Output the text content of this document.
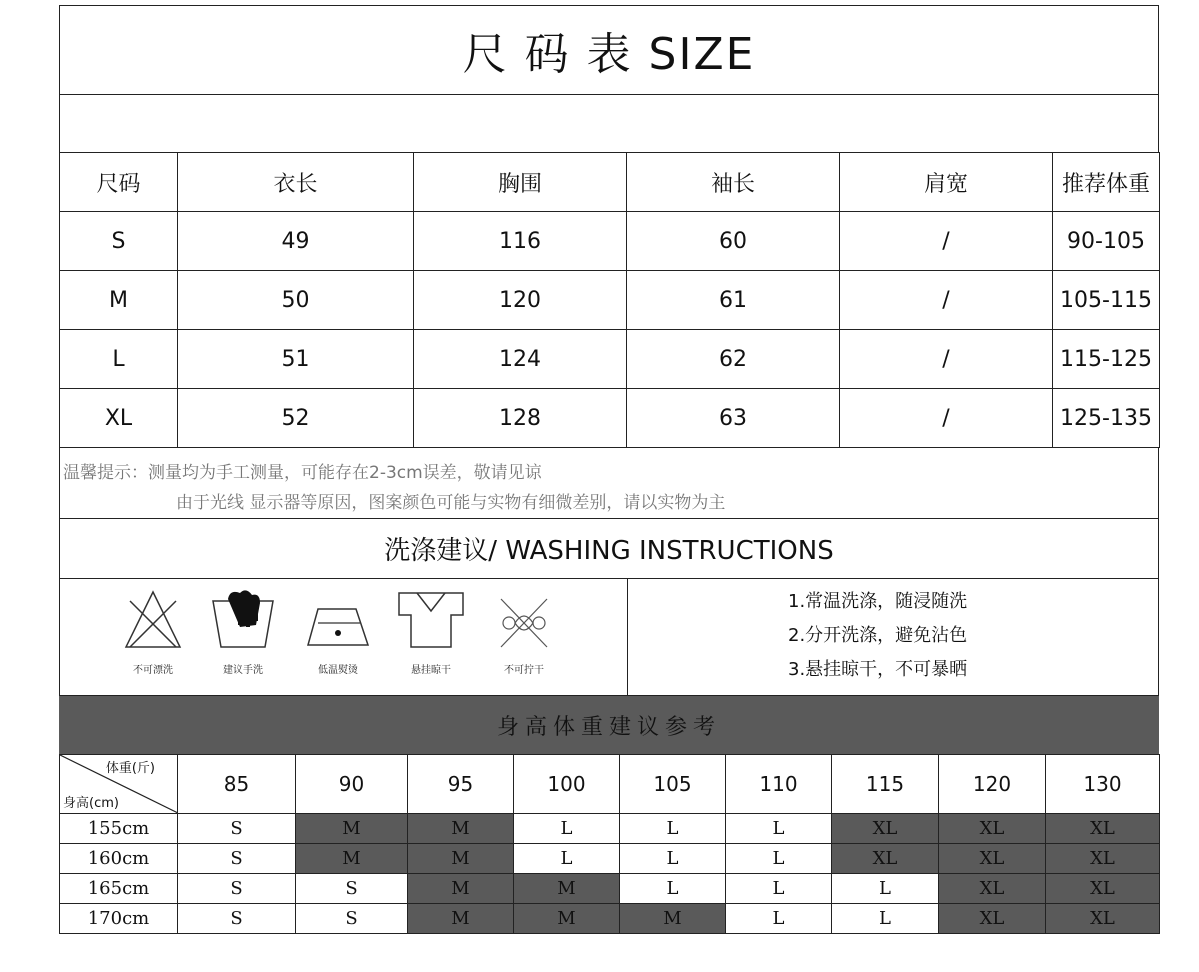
尺 码 表 SIZE
尺码	衣长	胸围	袖长	肩宽	推荐体重
S	49	116	60	/	90-105
M	50	120	61	/	105-115
L	51	124	62	/	115-125
XL	52	128	63	/	125-135
温馨提示：测量均为手工测量，可能存在2-3cm误差，敬请见谅
由于光线 显示器等原因，图案颜色可能与实物有细微差别，请以实物为主
洗涤建议/ WASHING INSTRUCTIONS
不可漂洗	建议手洗	低温熨烫	悬挂晾干	不可拧干
1.常温洗涤，随浸随洗
2.分开洗涤，避免沾色
3.悬挂晾干，不可暴晒
身高体重建议参考
体重(斤)
身高(cm)	85	90	95	100	105	110	115	120	130
155cm	S	M	M	L	L	L	XL	XL	XL
160cm	S	M	M	L	L	L	XL	XL	XL
165cm	S	S	M	M	L	L	L	XL	XL
170cm	S	S	M	M	M	L	L	XL	XL
